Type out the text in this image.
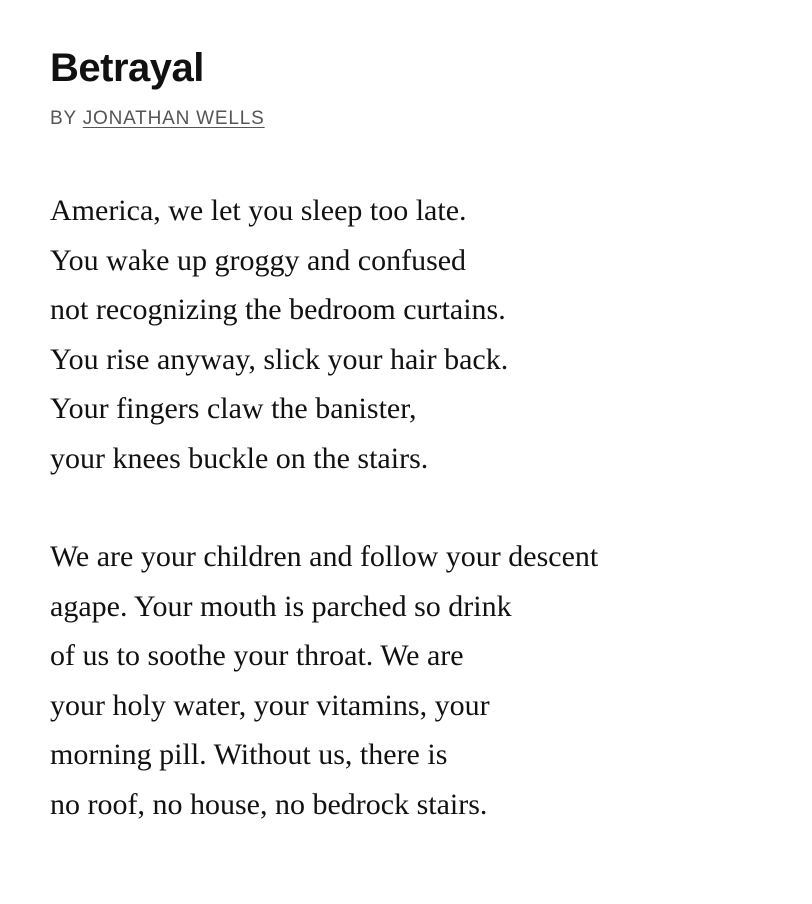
Betrayal
BY JONATHAN WELLS
America, we let you sleep too late.
You wake up groggy and confused
not recognizing the bedroom curtains.
You rise anyway, slick your hair back.
Your fingers claw the banister,
your knees buckle on the stairs.
We are your children and follow your descent
agape. Your mouth is parched so drink
of us to soothe your throat. We are
your holy water, your vitamins, your
morning pill. Without us, there is
no roof, no house, no bedrock stairs.
